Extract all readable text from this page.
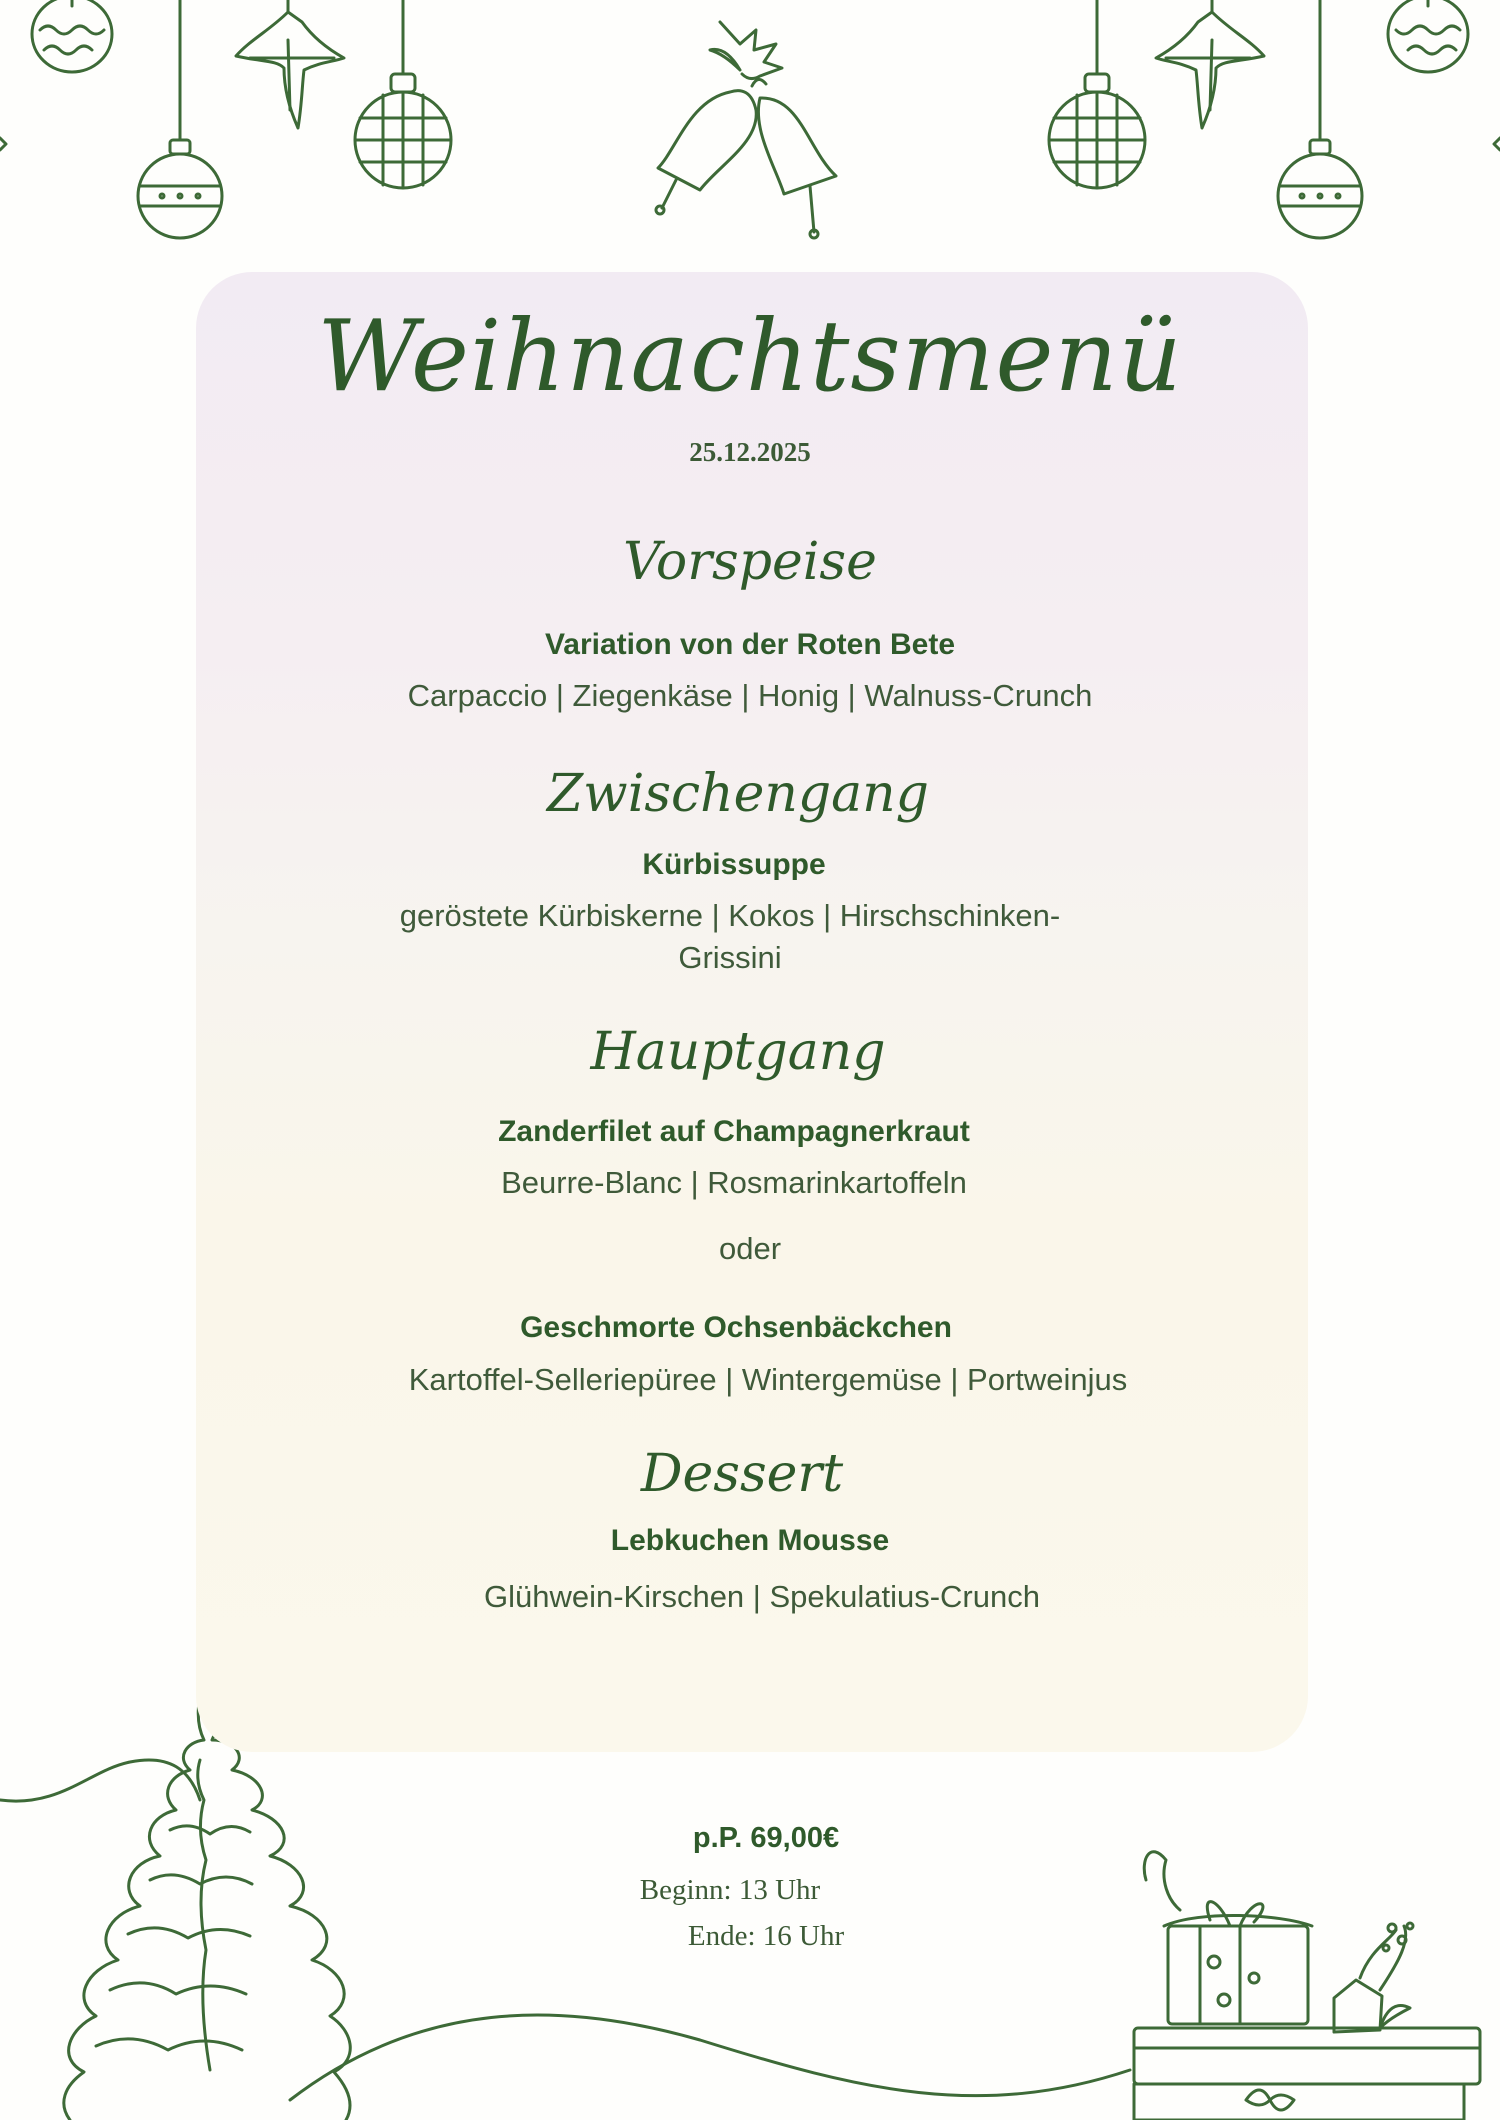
Weihnachtsmenü
25.12.2025
Vorspeise
Variation von der Roten Bete
Carpaccio | Ziegenkäse | Honig | Walnuss-Crunch
Zwischengang
Kürbissuppe
geröstete Kürbiskerne | Kokos | Hirschschinken-
Grissini
Hauptgang
Zanderfilet auf Champagnerkraut
Beurre-Blanc | Rosmarinkartoffeln
oder
Geschmorte Ochsenbäckchen
Kartoffel-Selleriepüree | Wintergemüse | Portweinjus
Dessert
Lebkuchen Mousse
Glühwein-Kirschen | Spekulatius-Crunch
p.P. 69,00€
Beginn: 13 Uhr
Ende: 16 Uhr
